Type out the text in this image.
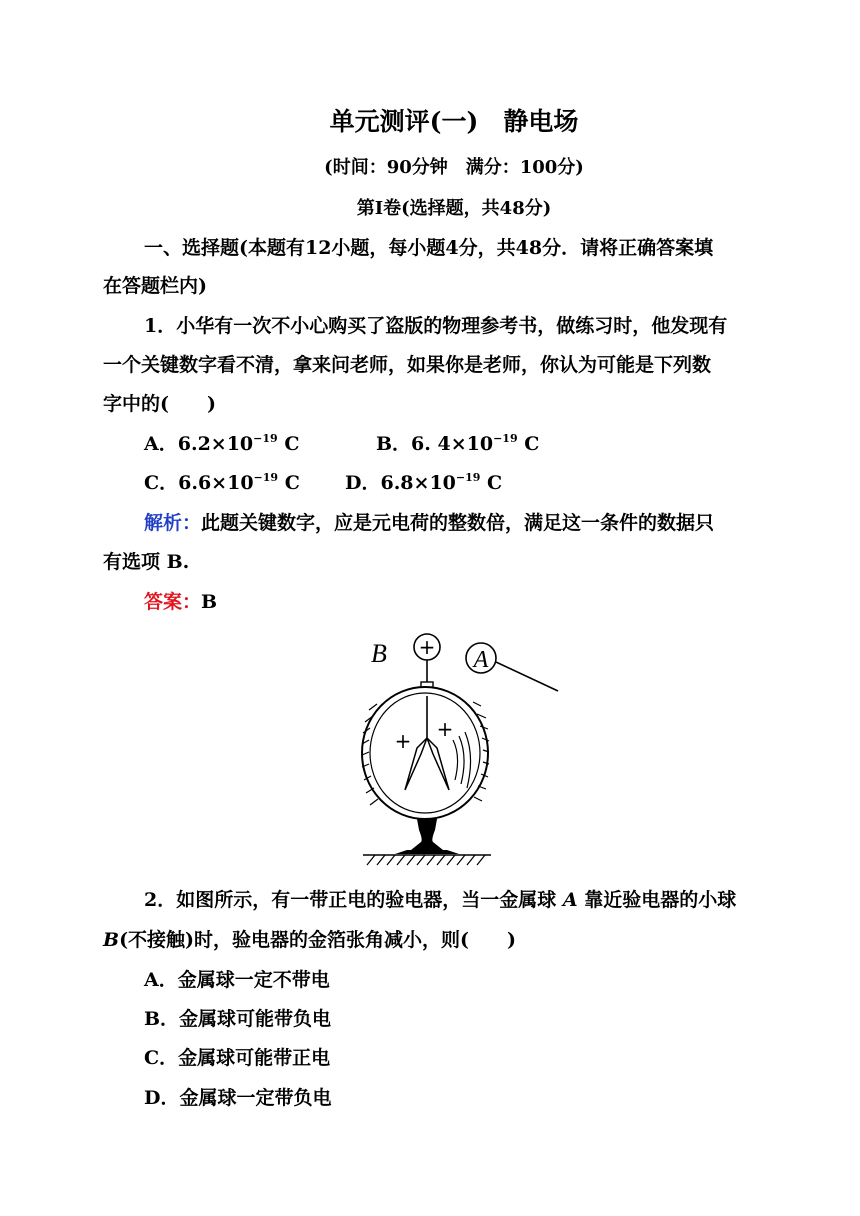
单元测评(一)　静电场
(时间：90分钟　满分：100分)
第Ⅰ卷(选择题，共48分)
一、选择题(本题有12小题，每小题4分，共48分．请将正确答案填
在答题栏内)
1．小华有一次不小心购买了盗版的物理参考书，做练习时，他发现有
一个关键数字看不清，拿来问老师，如果你是老师，你认为可能是下列数
字中的(　　)
A．$6.2\times 10^{-19}$ C	B．6. $4\times 10^{-19}$ C
C．$6.6\times 10^{-19}$ C D．$6.8\times 10^{-19}$ C
解析：此题关键数字，应是元电荷的整数倍，满足这一条件的数据只
有选项 B.
答案：B
B + A
+ +
2．如图所示，有一带正电的验电器，当一金属球 A 靠近验电器的小球
B(不接触)时，验电器的金箔张角减小，则(　　)
A．金属球一定不带电
B．金属球可能带负电
C．金属球可能带正电
D．金属球一定带负电
